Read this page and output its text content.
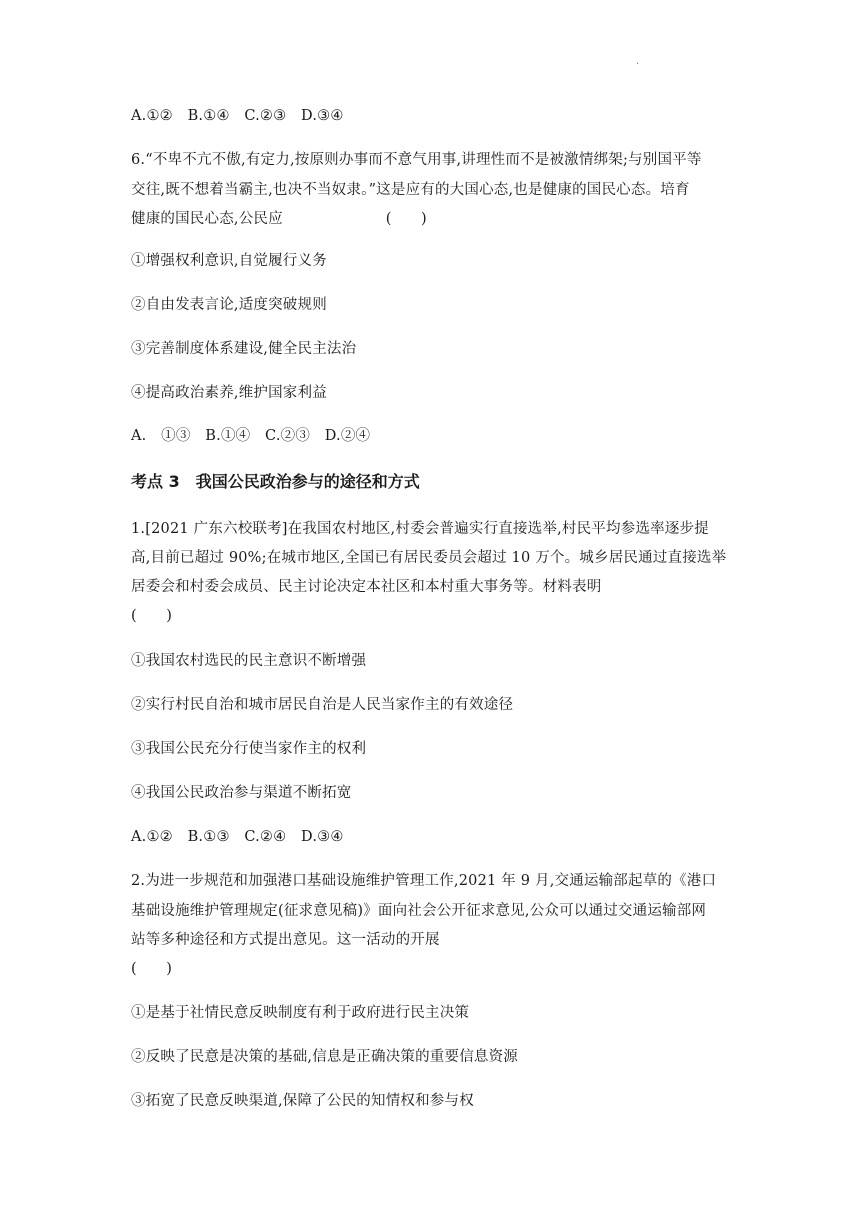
.
A.①②　B.①④　C.②③　D.③④
6.“不卑不亢不傲,有定力,按原则办事而不意气用事,讲理性而不是被激情绑架;与别国平等
交往,既不想着当霸主,也决不当奴隶。”这是应有的大国心态,也是健康的国民心态。培育
健康的国民心态,公民应　　　　　　　(　　)
①增强权利意识,自觉履行义务
②自由发表言论,适度突破规则
③完善制度体系建设,健全民主法治
④提高政治素养,维护国家利益
A.　①③　B.①④　C.②③　D.②④
考点 3　我国公民政治参与的途径和方式
1.[2021 广东六校联考]在我国农村地区,村委会普遍实行直接选举,村民平均参选率逐步提
高,目前已超过 90%;在城市地区,全国已有居民委员会超过 10 万个。城乡居民通过直接选举
居委会和村委会成员、民主讨论决定本社区和本村重大事务等。材料表明
(　　)
①我国农村选民的民主意识不断增强
②实行村民自治和城市居民自治是人民当家作主的有效途径
③我国公民充分行使当家作主的权利
④我国公民政治参与渠道不断拓宽
A.①②　B.①③　C.②④　D.③④
2.为进一步规范和加强港口基础设施维护管理工作,2021 年 9 月,交通运输部起草的《港口
基础设施维护管理规定(征求意见稿)》面向社会公开征求意见,公众可以通过交通运输部网
站等多种途径和方式提出意见。这一活动的开展
(　　)
①是基于社情民意反映制度有利于政府进行民主决策
②反映了民意是决策的基础,信息是正确决策的重要信息资源
③拓宽了民意反映渠道,保障了公民的知情权和参与权
